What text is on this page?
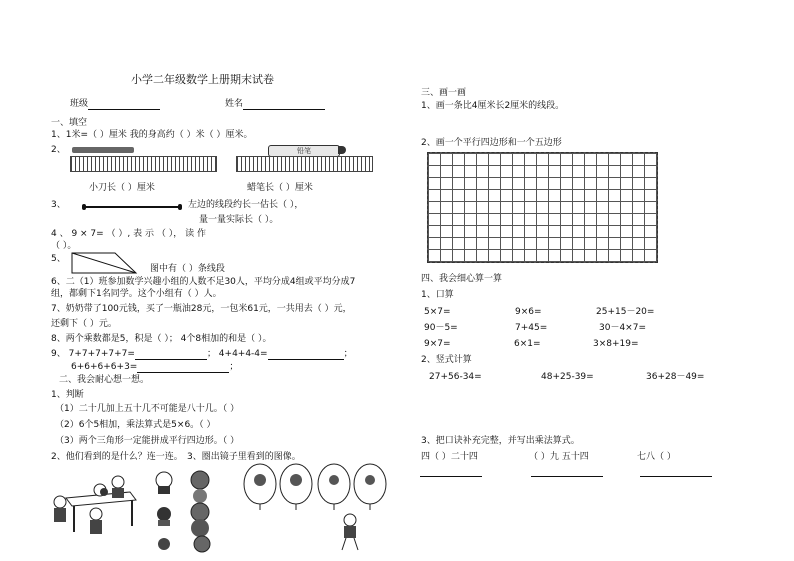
小学二年级数学上册期末试卷
班级	姓名
一、填空
1、1米=（ ）厘米 我的身高约（ ）米（ ）厘米。
2、	铅笔
小刀长（ ）厘米	蜡笔长（ ）厘米
3、	左边的线段约长一估长（ ），
量一量实际长（ ）。
4 、 9 × 7= （ ）, 表 示 （ ）， 读 作
（ ）。
5、
图中有（ ）条线段
6、二（1）班参加数学兴趣小组的人数不足30人，平均分成4组或平均分成7
组，都剩下1名同学。这个小组有（ ）人。
7、奶奶带了100元钱，买了一瓶油28元，一包米61元，一共用去（ ）元，
还剩下（ ）元。
8、两个乘数都是5，积是（ ）； 4个8相加的和是（ ）。
9、 7+7+7+7+7=	； 4+4+4-4=	；
6+6+6+6+3=	；
二、我会耐心想一想。
1、判断
（1）二十几加上五十几不可能是八十几。（ ）
（2）6个5相加，乘法算式是5×6。（ ）
（3）两个三角形一定能拼成平行四边形。（ ）
2、他们看到的是什么？连一连。 3、圈出镜子里看到的图像。
三、画一画
1、画一条比4厘米长2厘米的线段。
2、画一个平行四边形和一个五边形
四、我会细心算一算
1、口算
5×7=	9×6=	25+15－20=
90－5=	7+45=	30－4×7=
9×7=	6×1=	3×8+19=
2、竖式计算
27+56-34=	48+25-39=	36+28－49=
3、把口诀补充完整，并写出乘法算式。
四（ ）二十四	（ ）九 五十四	七八（ ）
